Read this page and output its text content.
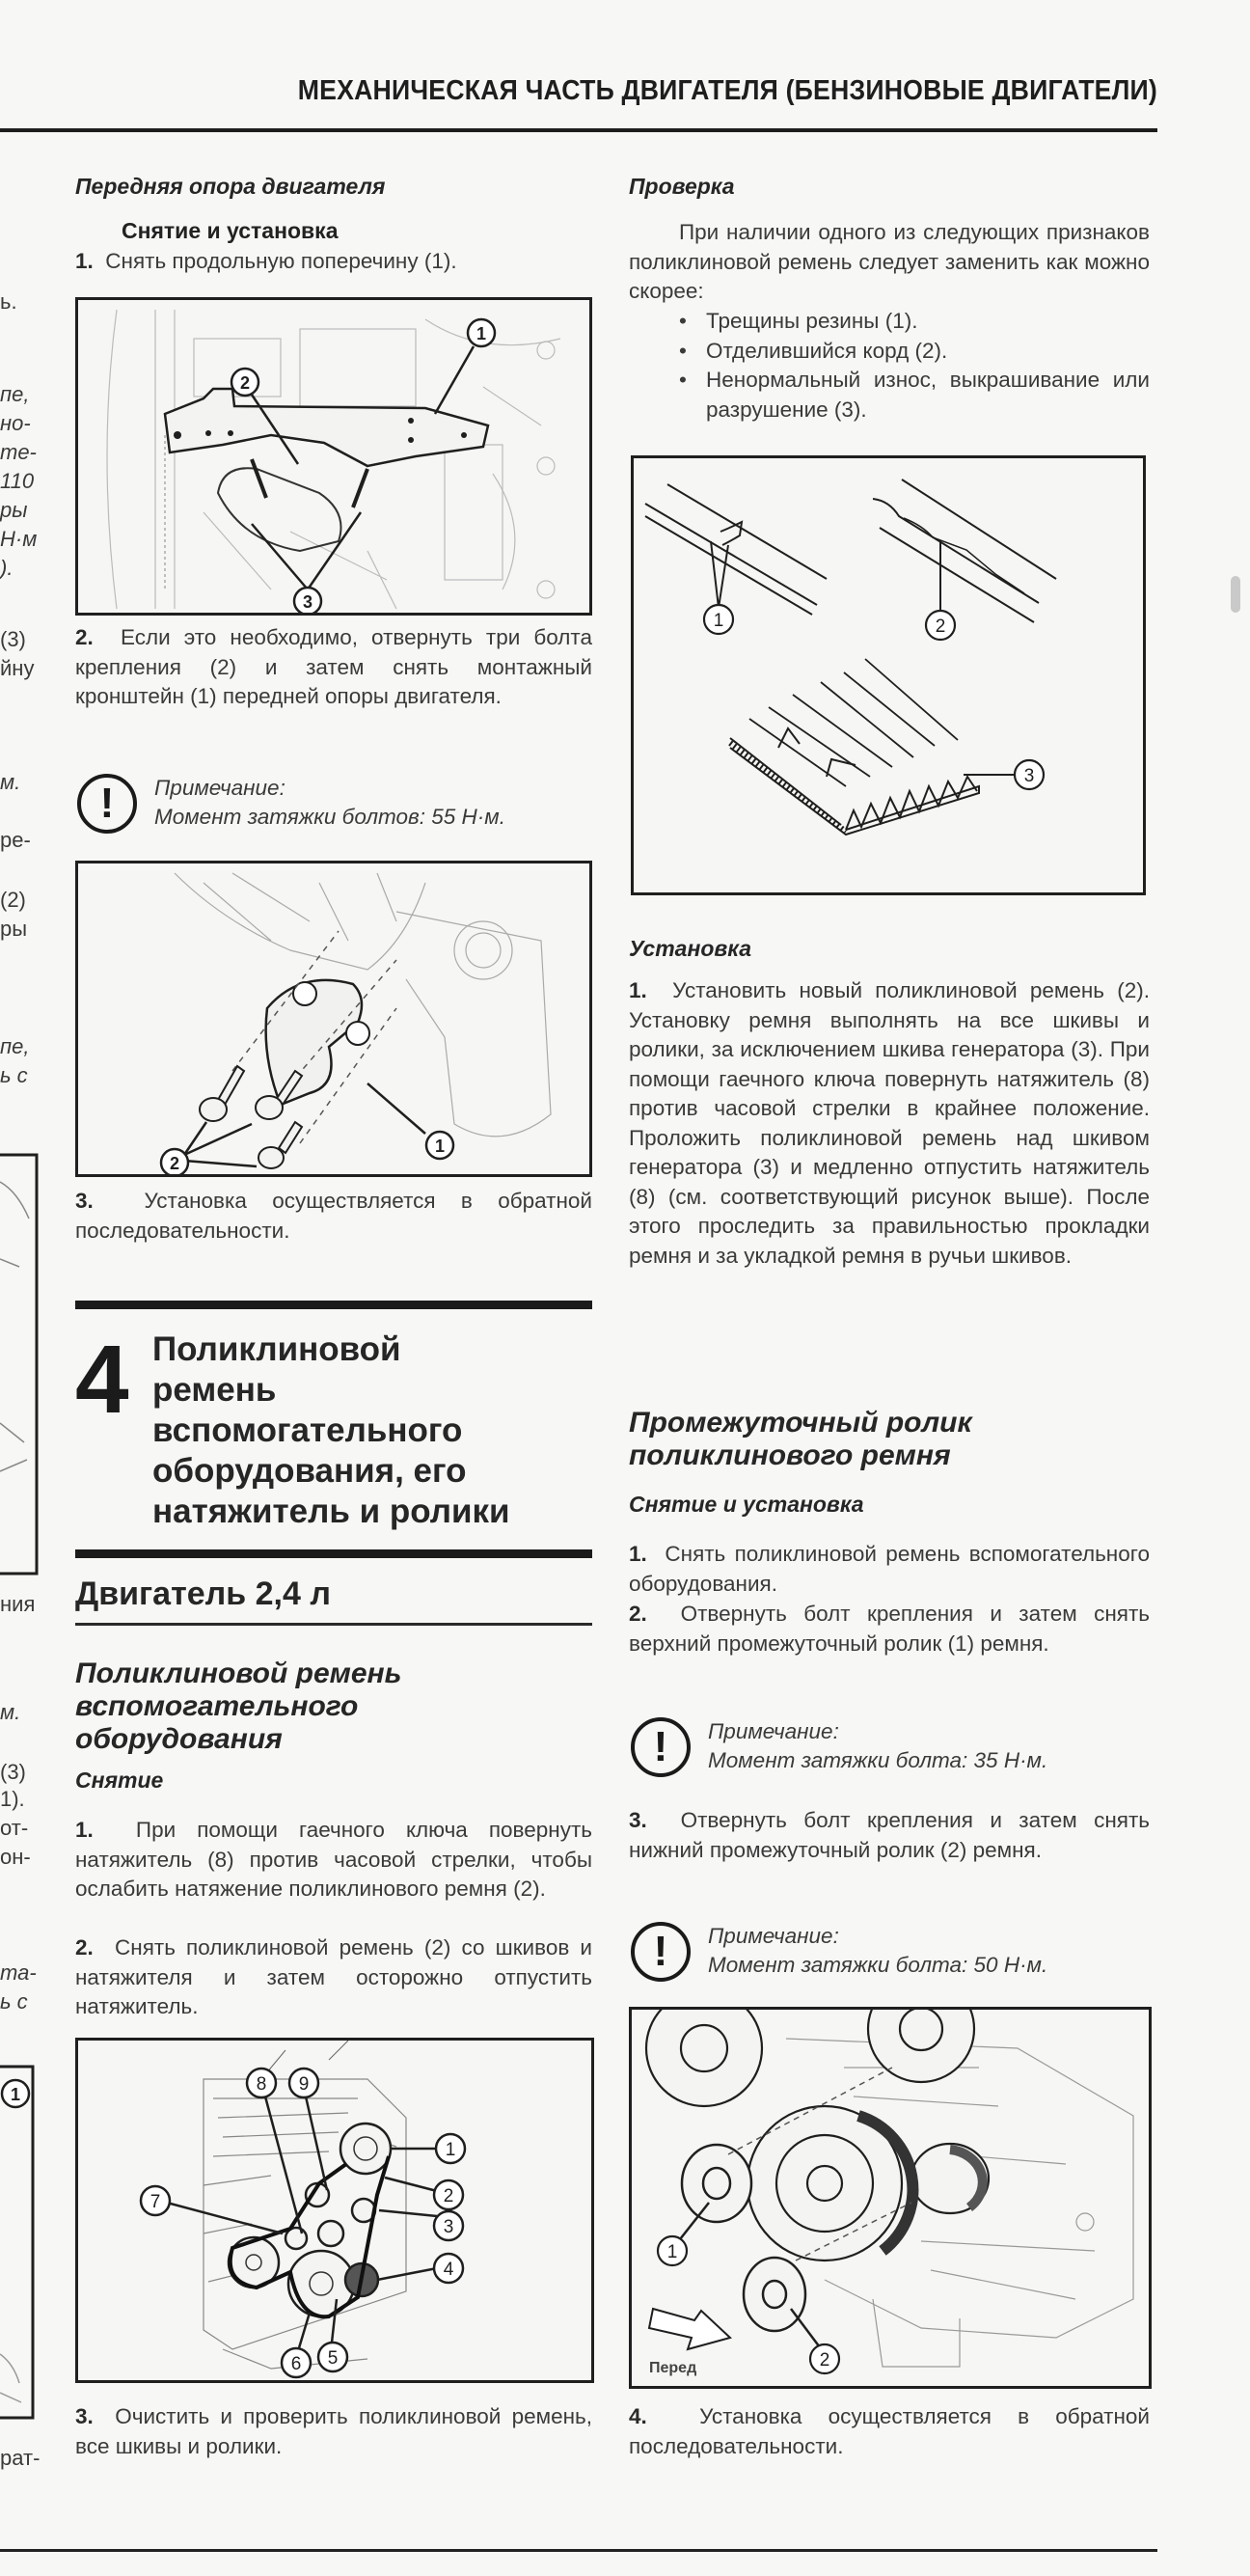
МЕХАНИЧЕСКАЯ ЧАСТЬ ДВИГАТЕЛЯ (БЕНЗИНОВЫЕ ДВИГАТЕЛИ)
ь.
пе,
но-
те-
110
ры
Н·м
).
(3)
йну
м.
ре-
(2)
ры
пе,
ь с
ния
м.
(3)
1).
от-
он-
та-
ь с
рат-
1
Передняя опора двигателя
Снятие и установка
1. Снять продольную поперечину (1).
1
2
3
2. Если это необходимо, отвернуть три болта крепления (2) и затем снять монтажный кронштейн (1) передней опоры двигателя.
!	Примечание:
Момент затяжки болтов: 55 Н·м.
1
2
3. Установка осуществляется в обратной последовательности.
4 Поликлиновой
ремень
вспомогательного
оборудования, его
натяжитель и ролики
Двигатель 2,4 л
Поликлиновой ремень
вспомогательного
оборудования
Снятие
1. При помощи гаечного ключа повернуть натяжитель (8) против часовой стрелки, чтобы ослабить натяжение поликлинового ремня (2).
2. Снять поликлиновой ремень (2) со шкивов и натяжителя и затем осторожно отпустить натяжитель.
8 9
1
2
3
4
5
6
7
3. Очистить и проверить поликлиновой ремень, все шкивы и ролики.
Проверка
При наличии одного из следующих признаков поликлиновой ремень следует заменить как можно скорее:
• Трещины резины (1).
• Отделившийся корд (2).
• Ненормальный износ, выкрашивание или разрушение (3).
1	2
3
Установка
1. Установить новый поликлиновой ремень (2). Установку ремня выполнять на все шкивы и ролики, за исключением шкива генератора (3). При помощи гаечного ключа повернуть натяжитель (8) против часовой стрелки в крайнее положение. Проложить поликлиновой ремень над шкивом генератора (3) и медленно отпустить натяжитель (8) (см. соответствующий рисунок выше). После этого проследить за правильностью прокладки ремня и за укладкой ремня в ручьи шкивов.
Промежуточный ролик
поликлинового ремня
Снятие и установка
1. Снять поликлиновой ремень вспомогательного оборудования.
2. Отвернуть болт крепления и затем снять верхний промежуточный ролик (1) ремня.
!	Примечание:
Момент затяжки болта: 35 Н·м.
3. Отвернуть болт крепления и затем снять нижний промежуточный ролик (2) ремня.
!	Примечание:
Момент затяжки болта: 50 Н·м.
Перед
1
2
4. Установка осуществляется в обратной последовательности.
